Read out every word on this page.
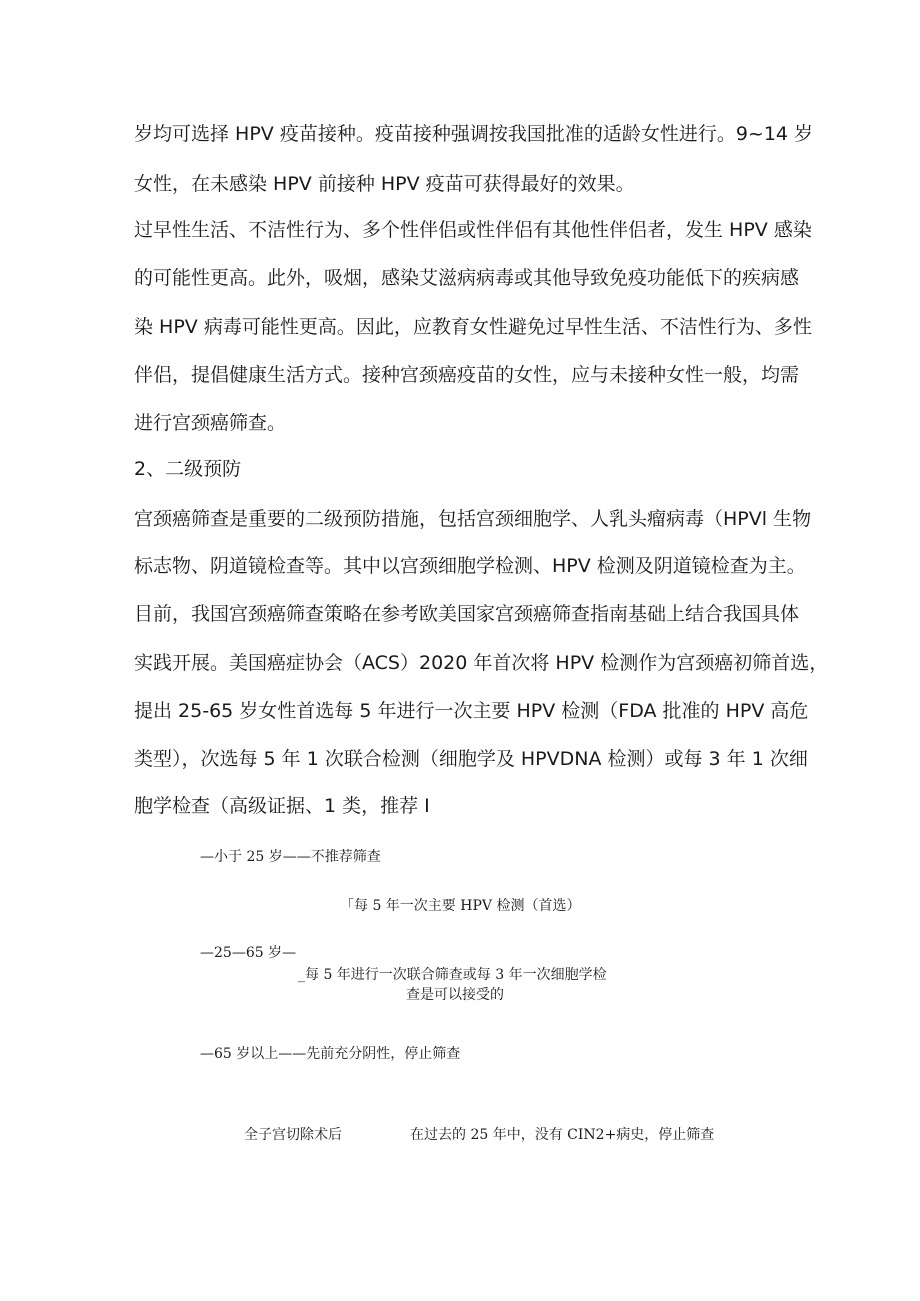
岁均可选择 HPV 疫苗接种。疫苗接种强调按我国批准的适龄女性进行。9~14 岁
女性，在未感染 HPV 前接种 HPV 疫苗可获得最好的效果。
过早性生活、不洁性行为、多个性伴侣或性伴侣有其他性伴侣者，发生 HPV 感染
的可能性更高。此外，吸烟，感染艾滋病病毒或其他导致免疫功能低下的疾病感
染 HPV 病毒可能性更高。因此，应教育女性避免过早性生活、不洁性行为、多性
伴侣，提倡健康生活方式。接种宫颈癌疫苗的女性，应与未接种女性一般，均需
进行宫颈癌筛查。
2、二级预防
宫颈癌筛查是重要的二级预防措施，包括宫颈细胞学、人乳头瘤病毒（HPVl 生物
标志物、阴道镜检查等。其中以宫颈细胞学检测、HPV 检测及阴道镜检查为主。
目前，我国宫颈癌筛查策略在参考欧美国家宫颈癌筛查指南基础上结合我国具体
实践开展。美国癌症协会（ACS）2020 年首次将 HPV 检测作为宫颈癌初筛首选，
提出 25-65 岁女性首选每 5 年进行一次主要 HPV 检测（FDA 批准的 HPV 高危
类型），次选每 5 年 1 次联合检测（细胞学及 HPVDNA 检测）或每 3 年 1 次细
胞学检查（高级证据、1 类，推荐 I
—小于 25 岁——不推荐筛查
「每 5 年一次主要 HPV 检测（首选）
—25—65 岁—
_每 5 年进行一次联合筛查或每 3 年一次细胞学检
查是可以接受的
—65 岁以上——先前充分阴性，停止筛查
全子宫切除术后	在过去的 25 年中，没有 CIN2+病史，停止筛查
